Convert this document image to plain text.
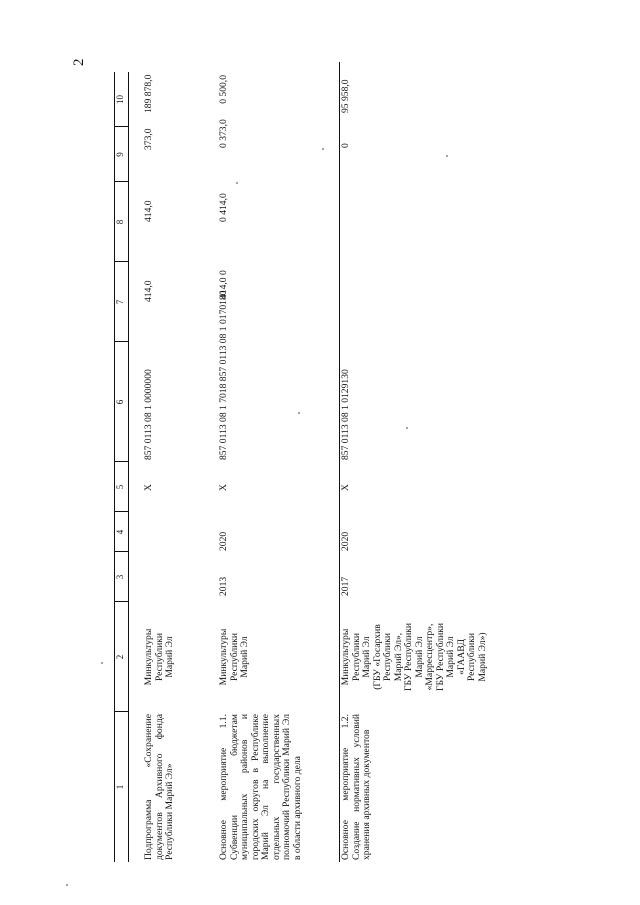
2
1
2
3
4
5
6
7
8
9
10
Подпрограмма «Сохранение документов Архивного фонда Республики Марий Эл»
Минкультуры
Республики
Марий Эл
X
857 0113 08 1 0000000
414,0
414,0
373,0
189 878,0
Основное мероприятие 1.1. Субвенции бюджетам муниципальных районов и городских округов в Республике Марий Эл на выполнение отдельных государственных полномочий Республики Марий Эл в области архивного дела
Минкультуры
Республики
Марий Эл
2013
2020
X
857 0113 08 1 7018 857 0113 08 1 0170180
414,0 0
0 414,0
0 373,0
0 500,0
Основное мероприятие 1.2. Создание нормативных условий хранения архивных документов
Минкультуры
Республики
Марий Эл
(ГБУ «Госархив
Республики
Марий Эл»,
ГБУ Республики
Марий Эл
«Марресцентр»,
ГБУ Республики
Марий Эл
«ГААВД
Республики
Марий Эл»)
2017
2020
X
857 0113 08 1 0129130
0
95 958,0
